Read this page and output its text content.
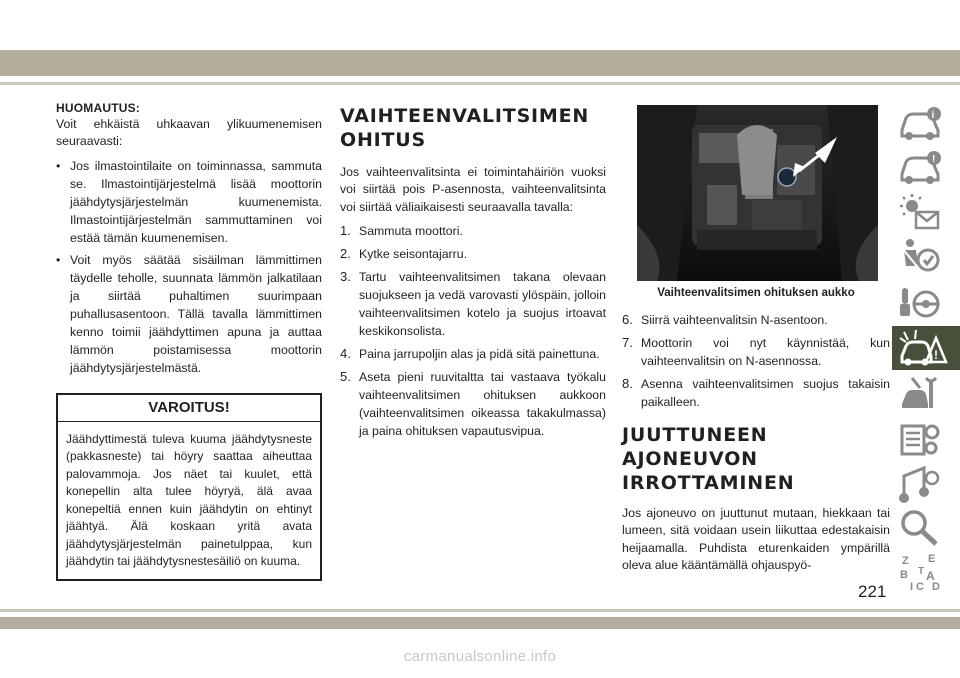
HUOMAUTUS:

Voit ehkäistä uhkaavan ylikuumenemisen seuraavasti:

• Jos ilmastointilaite on toiminnassa, sammuta se. Ilmastointijärjestelmä lisää moottorin jäähdytysjärjestelmän kuumenemista. Ilmastointijärjestelmän sammuttaminen voi estää tämän kuumenemisen.
• Voit myös säätää sisäilman lämmittimen täydelle teholle, suunnata lämmön jalkatilaan ja siirtää puhaltimen suurimpaan puhallusasentoon. Tällä tavalla lämmittimen kenno toimii jäähdyttimen apuna ja auttaa lämmön poistamisessa moottorin jäähdytysjärjestelmästä.
VAROITUS!
Jäähdyttimestä tuleva kuuma jäähdytysneste (pakkasneste) tai höyry saattaa aiheuttaa palovammoja. Jos näet tai kuulet, että konepellin alta tulee höyryä, älä avaa konepeltiä ennen kuin jäähdytin on ehtinyt jäähtyä. Älä koskaan yritä avata jäähdytysjärjestelmän painetulppaa, kun jäähdytin tai jäähdytysnestesäiliö on kuuma.
VAIHTEENVALITSIMEN
OHITUS

Jos vaihteenvalitsinta ei toimintahäiriön vuoksi voi siirtää pois P-asennosta, vaihteenvalitsinta voi siirtää väliaikaisesti seuraavalla tavalla:

1. Sammuta moottori.
2. Kytke seisontajarru.
3. Tartu vaihteenvalitsimen takana olevaan suojukseen ja vedä varovasti ylöspäin, jolloin vaihteenvalitsimen kotelo ja suojus irtoavat keskikonsolista.
4. Paina jarrupoljin alas ja pidä sitä painettuna.
5. Aseta pieni ruuvitaltta tai vastaava työkalu vaihteenvalitsimen ohituksen aukkoon (vaihteenvalitsimen oikeassa takakulmassa) ja paina ohituksen vapautusvipua.
Vaihteenvalitsimen ohituksen aukko
6. Siirrä vaihteenvalitsin N-asentoon.
7. Moottorin voi nyt käynnistää, kun vaihteenvalitsin on N-asennossa.
8. Asenna vaihteenvalitsimen suojus takaisin paikalleen.
JUUTTUNEEN
AJONEUVON
IRROTTAMINEN

Jos ajoneuvo on juuttunut mutaan, hiekkaan tai lumeen, sitä voidaan usein liikuttaa edestakaisin heijaamalla. Puhdista eturenkaiden ympärillä oleva alue kääntämällä ohjauspyö-

i
!
!
Z E
B A
I C
T
D
221
carmanualsonline.info
